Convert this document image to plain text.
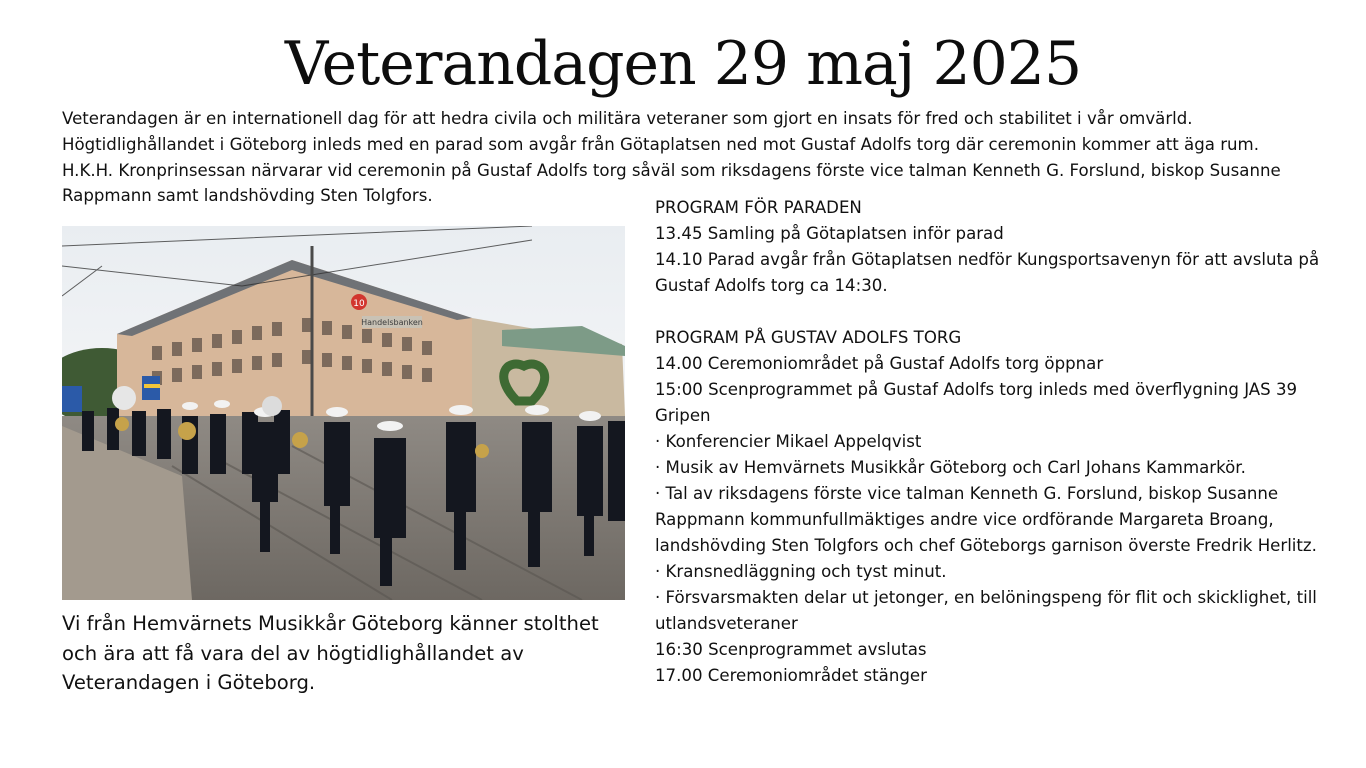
Veterandagen 29 maj 2025

Veterandagen är en internationell dag för att hedra civila och militära veteraner som gjort en insats för fred och stabilitet i vår omvärld. Högtidlighållandet i Göteborg inleds med en parad som avgår från Götaplatsen ned mot Gustaf Adolfs torg där ceremonin kommer att äga rum. H.K.H. Kronprinsessan närvarar vid ceremonin på Gustaf Adolfs torg såväl som riksdagens förste vice talman Kenneth G. Forslund, biskop Susanne Rappmann samt landshövding Sten Tolgfors.

Handelsbanken
10

Vi från Hemvärnets Musikkår Göteborg känner stolthet och ära att få vara del av högtidlighållandet av Veterandagen i Göteborg.

PROGRAM FÖR PARADEN
13.45 Samling på Götaplatsen inför parad
14.10 Parad avgår från Götaplatsen nedför Kungsportsavenyn för att avsluta på Gustaf Adolfs torg ca 14:30.
PROGRAM PÅ GUSTAV ADOLFS TORG
14.00 Ceremoniområdet på Gustaf Adolfs torg öppnar
15:00 Scenprogrammet på Gustaf Adolfs torg inleds med överflygning JAS 39 Gripen
· Konferencier Mikael Appelqvist
· Musik av Hemvärnets Musikkår Göteborg och Carl Johans Kammarkör.
· Tal av riksdagens förste vice talman Kenneth G. Forslund, biskop Susanne Rappmann kommunfullmäktiges andre vice ordförande Margareta Broang, landshövding Sten Tolgfors och chef Göteborgs garnison överste Fredrik Herlitz.
· Kransnedläggning och tyst minut.
· Försvarsmakten delar ut jetonger, en belöningspeng för flit och skicklighet, till utlandsveteraner
16:30 Scenprogrammet avslutas
17.00 Ceremoniområdet stänger
